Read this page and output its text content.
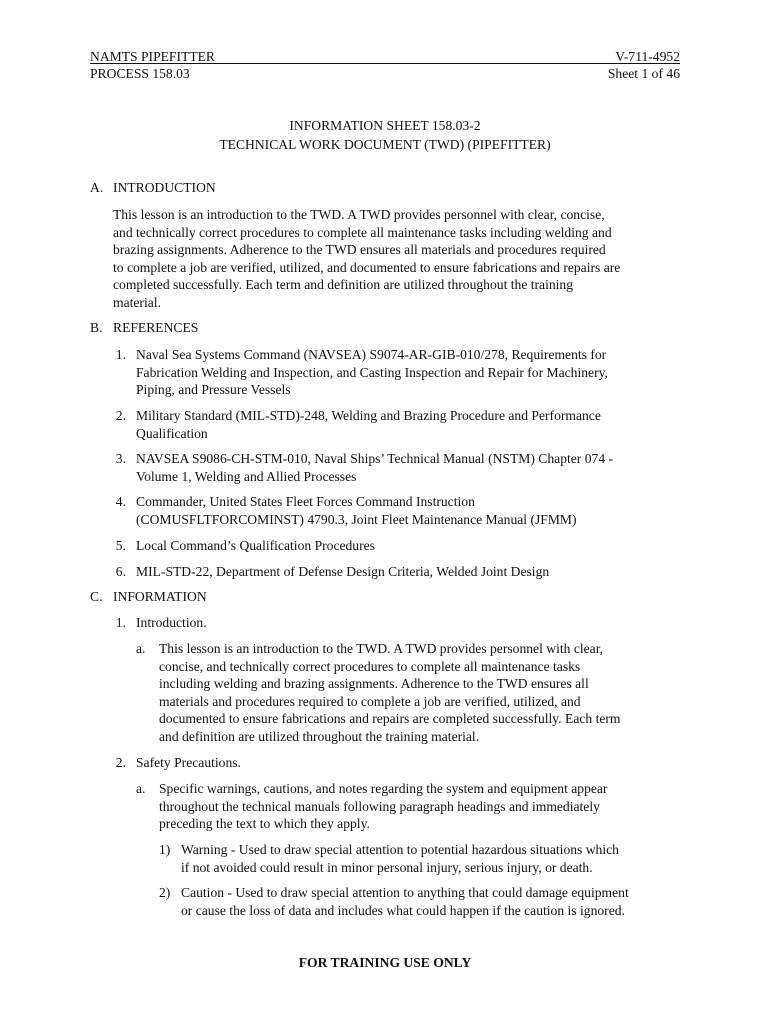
NAMTS PIPEFITTER
PROCESS 158.03
V-711-4952
Sheet 1 of 46
INFORMATION SHEET 158.03-2
TECHNICAL WORK DOCUMENT (TWD) (PIPEFITTER)
A. INTRODUCTION
This lesson is an introduction to the TWD. A TWD provides personnel with clear, concise,
and technically correct procedures to complete all maintenance tasks including welding and
brazing assignments. Adherence to the TWD ensures all materials and procedures required
to complete a job are verified, utilized, and documented to ensure fabrications and repairs are
completed successfully. Each term and definition are utilized throughout the training
material.
B. REFERENCES
1. Naval Sea Systems Command (NAVSEA) S9074-AR-GIB-010/278, Requirements for
Fabrication Welding and Inspection, and Casting Inspection and Repair for Machinery,
Piping, and Pressure Vessels
2. Military Standard (MIL-STD)-248, Welding and Brazing Procedure and Performance
Qualification
3. NAVSEA S9086-CH-STM-010, Naval Ships’ Technical Manual (NSTM) Chapter 074 -
Volume 1, Welding and Allied Processes
4. Commander, United States Fleet Forces Command Instruction
(COMUSFLTFORCOMINST) 4790.3, Joint Fleet Maintenance Manual (JFMM)
5. Local Command’s Qualification Procedures
6. MIL-STD-22, Department of Defense Design Criteria, Welded Joint Design
C. INFORMATION
1. Introduction.
a. This lesson is an introduction to the TWD. A TWD provides personnel with clear,
concise, and technically correct procedures to complete all maintenance tasks
including welding and brazing assignments. Adherence to the TWD ensures all
materials and procedures required to complete a job are verified, utilized, and
documented to ensure fabrications and repairs are completed successfully. Each term
and definition are utilized throughout the training material.
2. Safety Precautions.
a. Specific warnings, cautions, and notes regarding the system and equipment appear
throughout the technical manuals following paragraph headings and immediately
preceding the text to which they apply.
1) Warning - Used to draw special attention to potential hazardous situations which
if not avoided could result in minor personal injury, serious injury, or death.
2) Caution - Used to draw special attention to anything that could damage equipment
or cause the loss of data and includes what could happen if the caution is ignored.
FOR TRAINING USE ONLY
